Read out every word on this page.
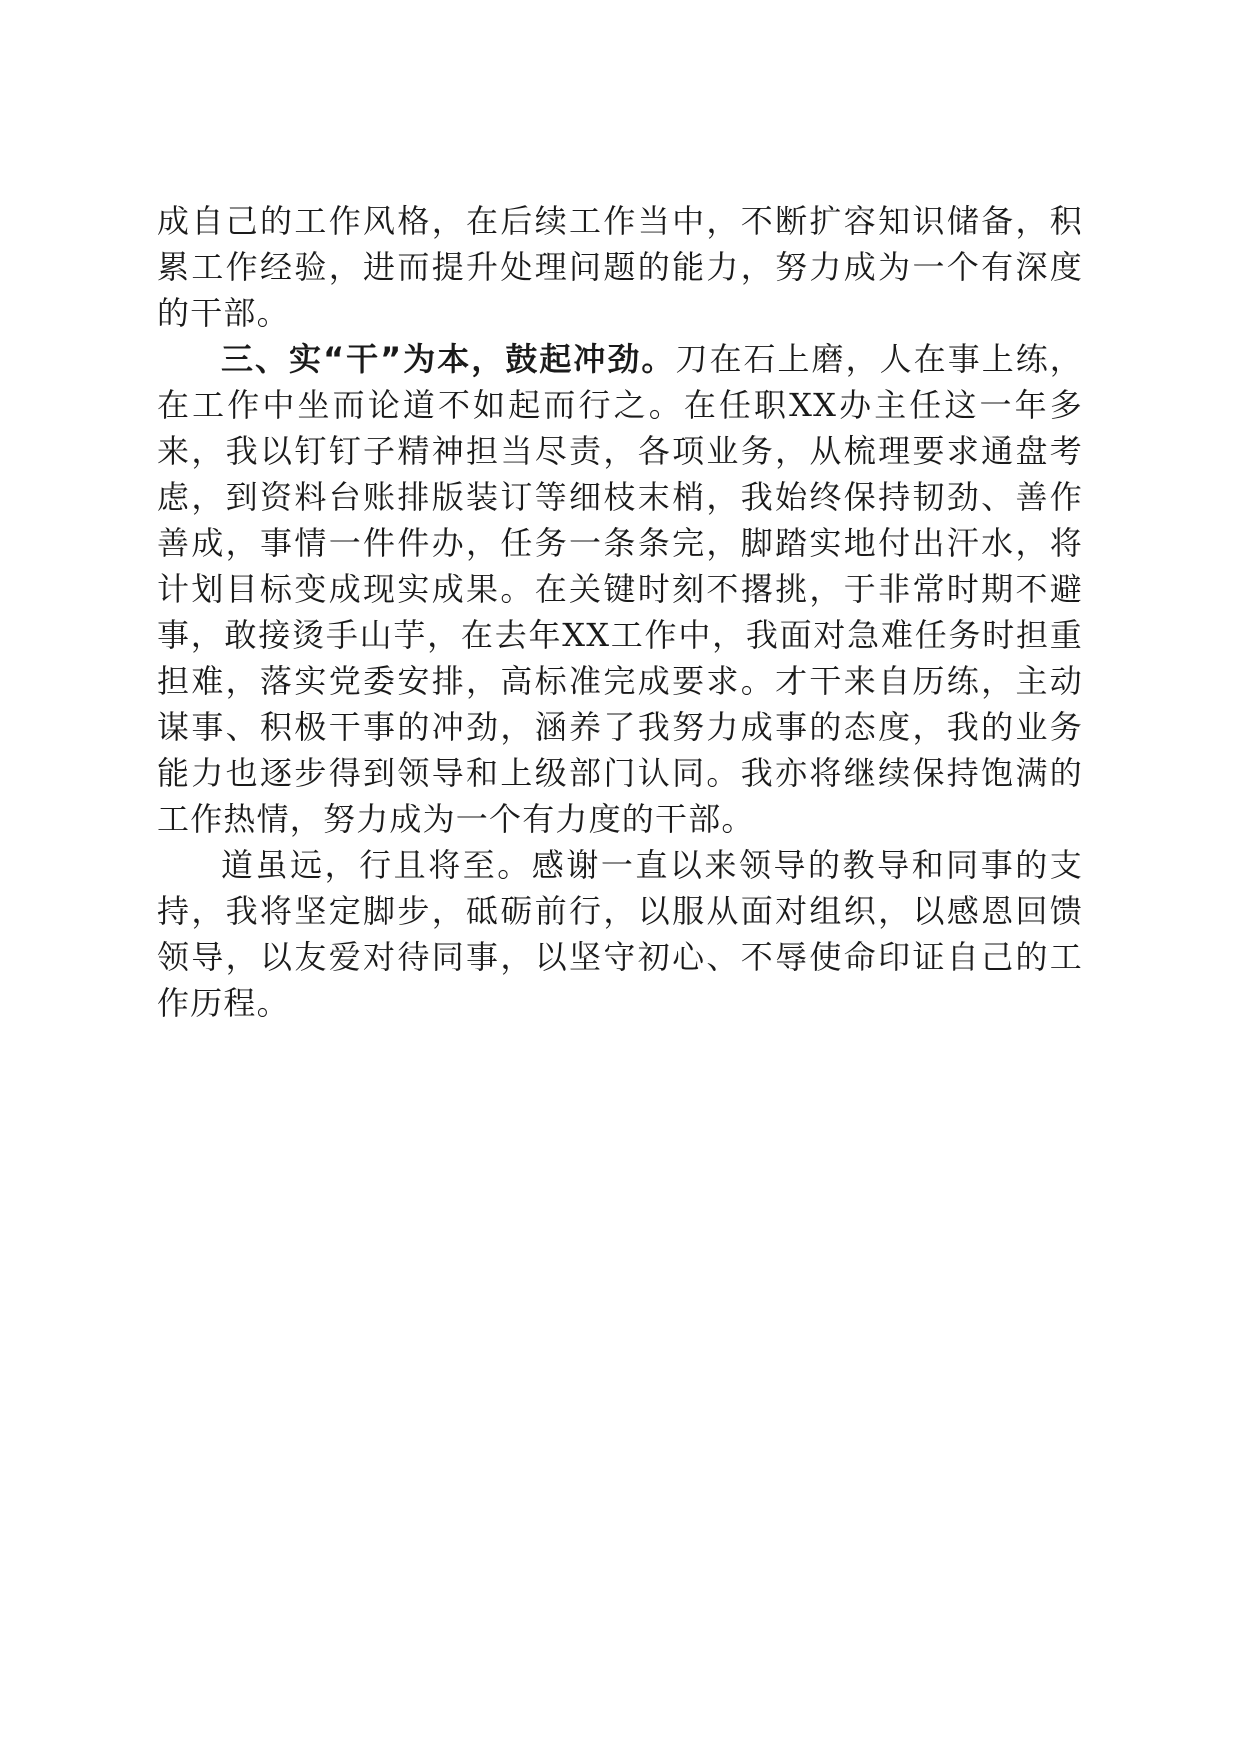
成自己的工作风格，在后续工作当中，不断扩容知识储备，积累工作经验，进而提升处理问题的能力，努力成为一个有深度的干部。

三、实“干”为本，鼓起冲劲。刀在石上磨，人在事上练，在工作中坐而论道不如起而行之。在任职XX办主任这一年多来，我以钉钉子精神担当尽责，各项业务，从梳理要求通盘考虑，到资料台账排版装订等细枝末梢，我始终保持韧劲、善作善成，事情一件件办，任务一条条完，脚踏实地付出汗水，将计划目标变成现实成果。在关键时刻不撂挑，于非常时期不避事，敢接烫手山芋，在去年XX工作中，我面对急难任务时担重担难，落实党委安排，高标准完成要求。才干来自历练，主动谋事、积极干事的冲劲，涵养了我努力成事的态度，我的业务能力也逐步得到领导和上级部门认同。我亦将继续保持饱满的工作热情，努力成为一个有力度的干部。

道虽远，行且将至。感谢一直以来领导的教导和同事的支持，我将坚定脚步，砥砺前行，以服从面对组织，以感恩回馈领导，以友爱对待同事，以坚守初心、不辱使命印证自己的工作历程。
